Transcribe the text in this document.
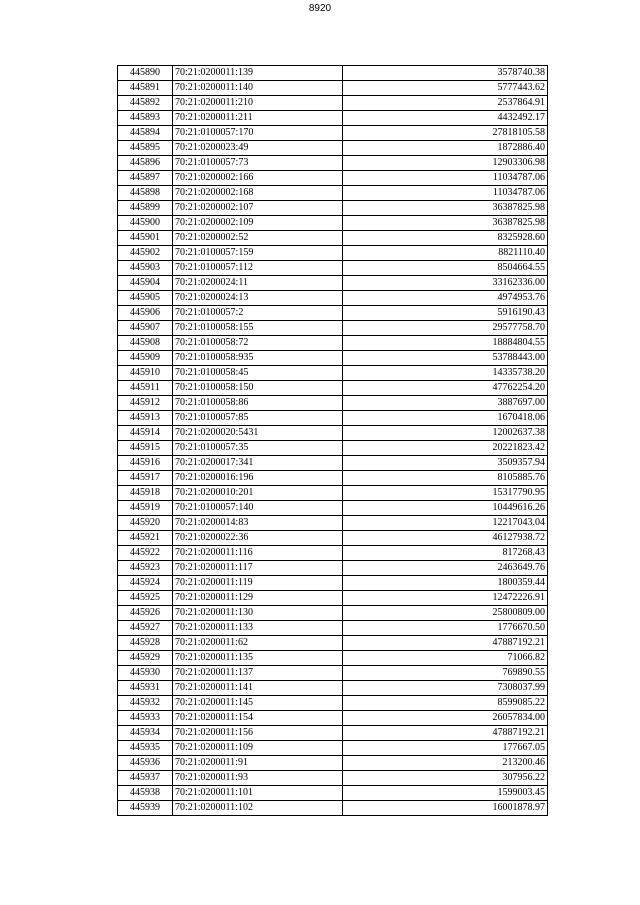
8920
445890	70:21:0200011:139	3578740.38
445891	70:21:0200011:140	5777443.62
445892	70:21:0200011:210	2537864.91
445893	70:21:0200011:211	4432492.17
445894	70:21:0100057:170	27818105.58
445895	70:21:0200023:49	1872886.40
445896	70:21:0100057:73	12903306.98
445897	70:21:0200002:166	11034787.06
445898	70:21:0200002:168	11034787.06
445899	70:21:0200002:107	36387825.98
445900	70:21:0200002:109	36387825.98
445901	70:21:0200002:52	8325928.60
445902	70:21:0100057:159	8821110.40
445903	70:21:0100057:112	8504664.55
445904	70:21:0200024:11	33162336.00
445905	70:21:0200024:13	4974953.76
445906	70:21:0100057:2	5916190.43
445907	70:21:0100058:155	29577758.70
445908	70:21:0100058:72	18884804.55
445909	70:21:0100058:935	53788443.00
445910	70:21:0100058:45	14335738.20
445911	70:21:0100058:150	47762254.20
445912	70:21:0100058:86	3887697.00
445913	70:21:0100057:85	1670418.06
445914	70:21:0200020:5431	12002637.38
445915	70:21:0100057:35	20221823.42
445916	70:21:0200017:341	3509357.94
445917	70:21:0200016:196	8105885.76
445918	70:21:0200010:201	15317790.95
445919	70:21:0100057:140	10449616.26
445920	70:21:0200014:83	12217043.04
445921	70:21:0200022:36	46127938.72
445922	70:21:0200011:116	817268.43
445923	70:21:0200011:117	2463649.76
445924	70:21:0200011:119	1800359.44
445925	70:21:0200011:129	12472226.91
445926	70:21:0200011:130	25800809.00
445927	70:21:0200011:133	1776670.50
445928	70:21:0200011:62	47887192.21
445929	70:21:0200011:135	71066.82
445930	70:21:0200011:137	769890.55
445931	70:21:0200011:141	7308037.99
445932	70:21:0200011:145	8599085.22
445933	70:21:0200011:154	26057834.00
445934	70:21:0200011:156	47887192.21
445935	70:21:0200011:109	177667.05
445936	70:21:0200011:91	213200.46
445937	70:21:0200011:93	307956.22
445938	70:21:0200011:101	1599003.45
445939	70:21:0200011:102	16001878.97
